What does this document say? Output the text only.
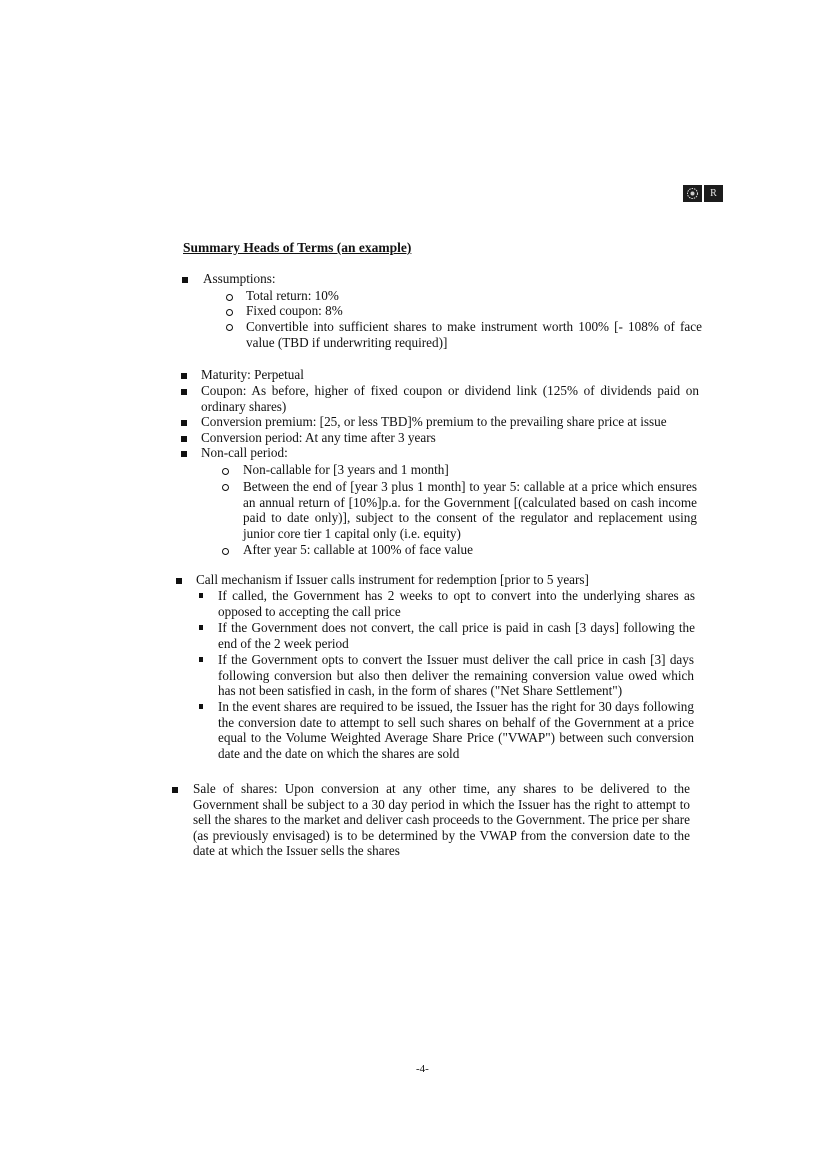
R
Summary Heads of Terms (an example)
Assumptions:
Total return: 10%
Fixed coupon: 8%
Convertible into sufficient shares to make instrument worth 100% [- 108% of face value (TBD if underwriting required)]
Maturity: Perpetual
Coupon: As before, higher of fixed coupon or dividend link (125% of dividends paid on ordinary shares)
Conversion premium: [25, or less TBD]% premium to the prevailing share price at issue
Conversion period: At any time after 3 years
Non-call period:
Non-callable for [3 years and 1 month]
Between the end of [year 3 plus 1 month] to year 5: callable at a price which ensures an annual return of [10%]p.a. for the Government [(calculated based on cash income paid to date only)], subject to the consent of the regulator and replacement using junior core tier 1 capital only (i.e. equity)
After year 5: callable at 100% of face value
Call mechanism if Issuer calls instrument for redemption [prior to 5 years]
If called, the Government has 2 weeks to opt to convert into the underlying shares as opposed to accepting the call price
If the Government does not convert, the call price is paid in cash [3 days] following the end of the 2 week period
If the Government opts to convert the Issuer must deliver the call price in cash [3] days following conversion but also then deliver the remaining conversion value owed which has not been satisfied in cash, in the form of shares ("Net Share Settlement")
In the event shares are required to be issued, the Issuer has the right for 30 days following the conversion date to attempt to sell such shares on behalf of the Government at a price equal to the Volume Weighted Average Share Price ("VWAP") between such conversion date and the date on which the shares are sold
Sale of shares: Upon conversion at any other time, any shares to be delivered to the Government shall be subject to a 30 day period in which the Issuer has the right to attempt to sell the shares to the market and deliver cash proceeds to the Government. The price per share (as previously envisaged) is to be determined by the VWAP from the conversion date to the date at which the Issuer sells the shares
-4-
